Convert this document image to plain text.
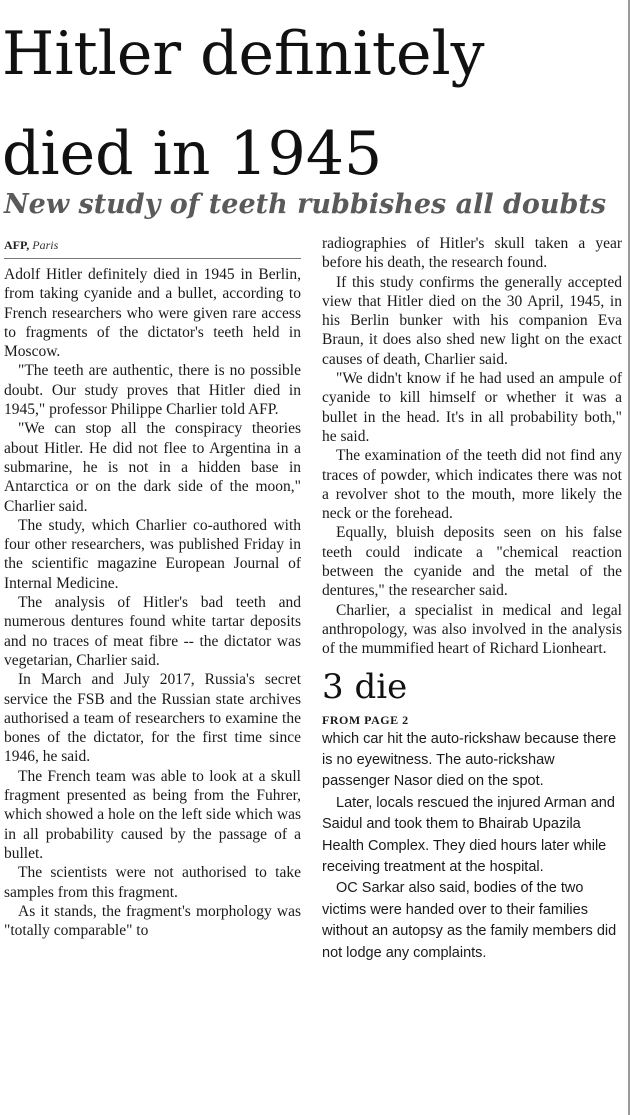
Hitler definitely
died in 1945
New study of teeth rubbishes all doubts
AFP, Paris

Adolf Hitler definitely died in 1945 in Berlin, from taking cyanide and a bullet, according to French researchers who were given rare access to fragments of the dictator's teeth held in Moscow.

"The teeth are authentic, there is no possible doubt. Our study proves that Hitler died in 1945," professor Philippe Charlier told AFP.

"We can stop all the conspiracy theories about Hitler. He did not flee to Argentina in a submarine, he is not in a hidden base in Antarctica or on the dark side of the moon," Charlier said.

The study, which Charlier co-authored with four other researchers, was published Friday in the scientific magazine European Journal of Internal Medicine.

The analysis of Hitler's bad teeth and numerous dentures found white tartar deposits and no traces of meat fibre -- the dictator was vegetarian, Charlier said.

In March and July 2017, Russia's secret service the FSB and the Russian state archives authorised a team of researchers to examine the bones of the dictator, for the first time since 1946, he said.

The French team was able to look at a skull fragment presented as being from the Fuhrer, which showed a hole on the left side which was in all probability caused by the passage of a bullet.

The scientists were not authorised to take samples from this fragment.

As it stands, the fragment's morphology was "totally comparable" to

radiographies of Hitler's skull taken a year before his death, the research found.

If this study confirms the generally accepted view that Hitler died on the 30 April, 1945, in his Berlin bunker with his companion Eva Braun, it does also shed new light on the exact causes of death, Charlier said.

"We didn't know if he had used an ampule of cyanide to kill himself or whether it was a bullet in the head. It's in all probability both," he said.

The examination of the teeth did not find any traces of powder, which indicates there was not a revolver shot to the mouth, more likely the neck or the forehead.

Equally, bluish deposits seen on his false teeth could indicate a "chemical reaction between the cyanide and the metal of the dentures," the researcher said.

Charlier, a specialist in medical and legal anthropology, was also involved in the analysis of the mummified heart of Richard Lionheart.

3 die
FROM PAGE 2

which car hit the auto-rickshaw because there is no eyewitness. The auto-rickshaw passenger Nasor died on the spot.

Later, locals rescued the injured Arman and Saidul and took them to Bhairab Upazila Health Complex. They died hours later while receiving treatment at the hospital.

OC Sarkar also said, bodies of the two victims were handed over to their families without an autopsy as the family members did not lodge any complaints.
